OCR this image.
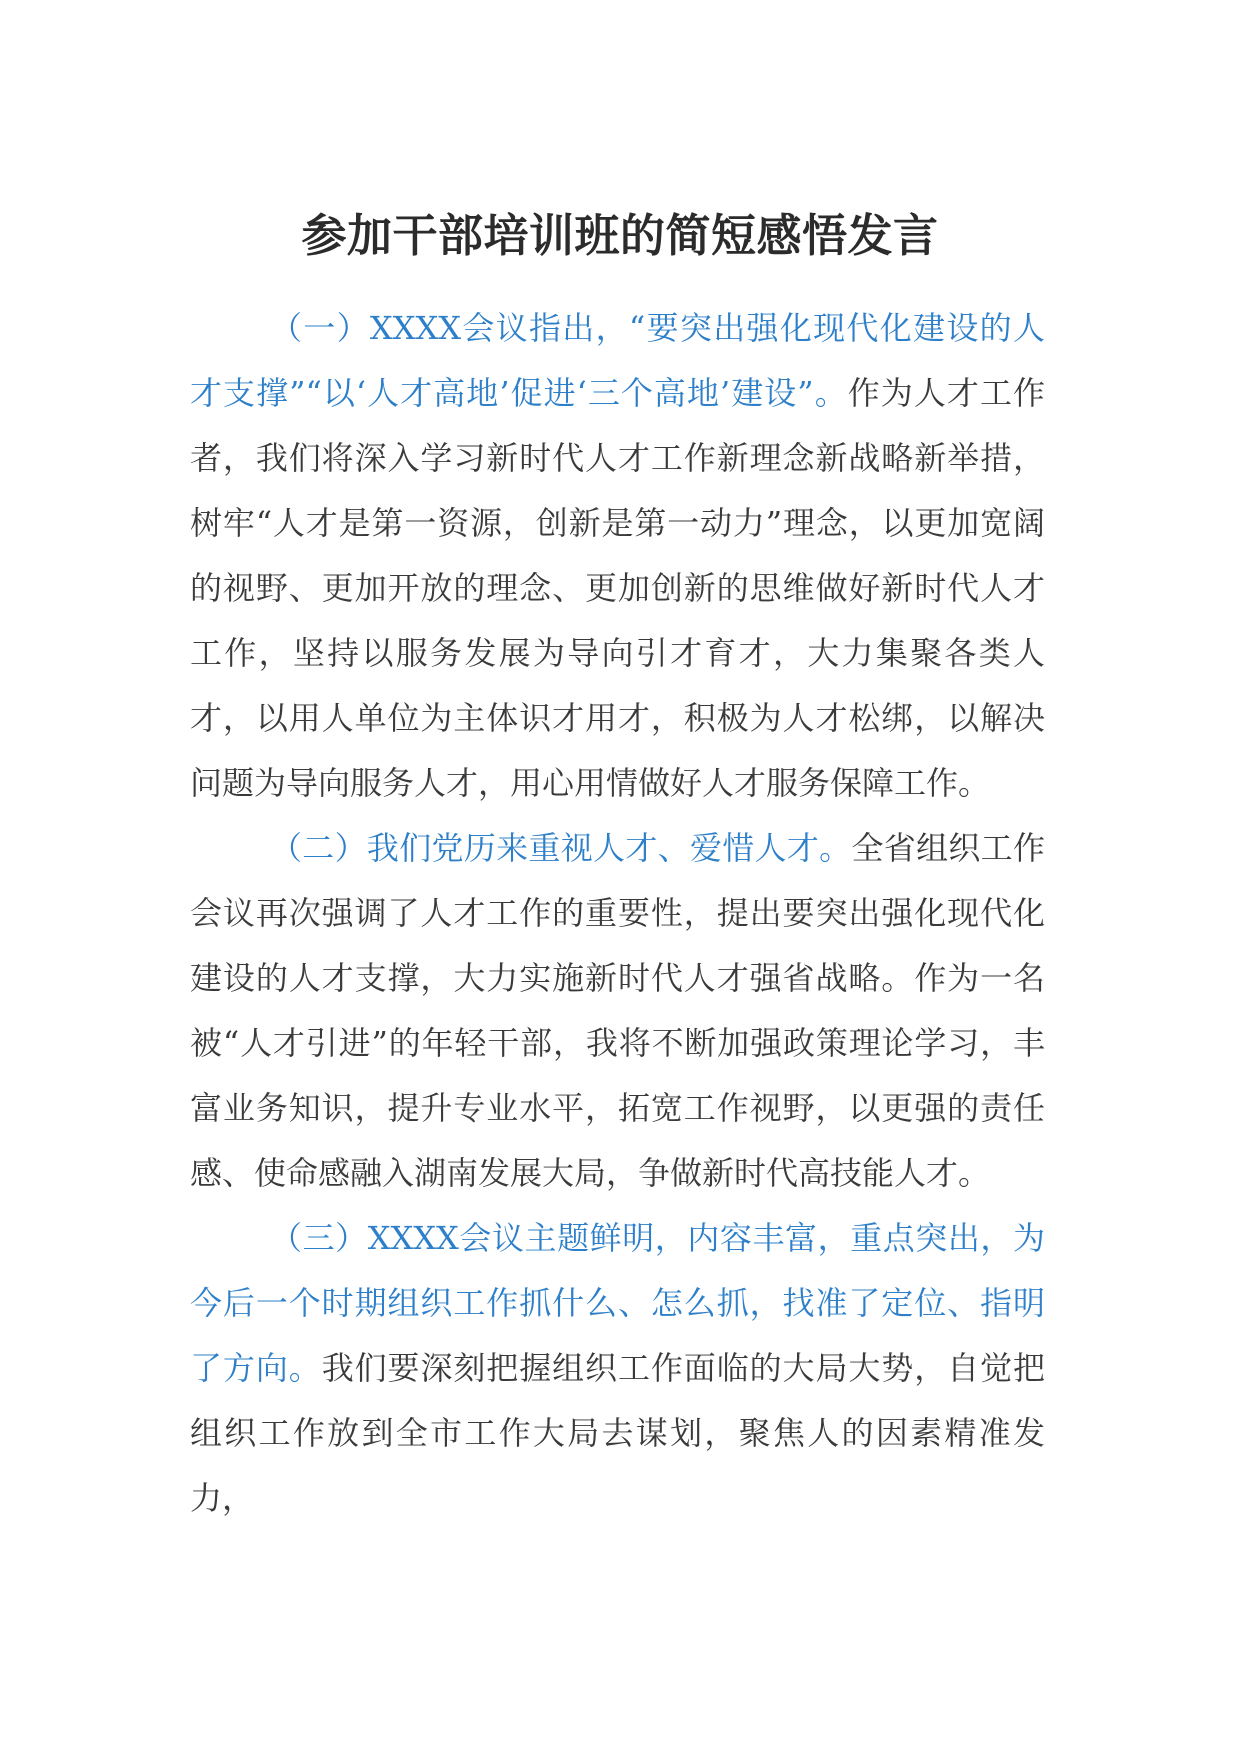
参加干部培训班的简短感悟发言

（一）XXXX会议指出，“要突出强化现代化建设的人才支撑”“以‘人才高地’促进‘三个高地’建设”。作为人才工作者，我们将深入学习新时代人才工作新理念新战略新举措，树牢“人才是第一资源，创新是第一动力”理念，以更加宽阔的视野、更加开放的理念、更加创新的思维做好新时代人才工作，坚持以服务发展为导向引才育才，大力集聚各类人才，以用人单位为主体识才用才，积极为人才松绑，以解决问题为导向服务人才，用心用情做好人才服务保障工作。

（二）我们党历来重视人才、爱惜人才。全省组织工作会议再次强调了人才工作的重要性，提出要突出强化现代化建设的人才支撑，大力实施新时代人才强省战略。作为一名被“人才引进”的年轻干部，我将不断加强政策理论学习，丰富业务知识，提升专业水平，拓宽工作视野，以更强的责任感、使命感融入湖南发展大局，争做新时代高技能人才。

（三）XXXX会议主题鲜明，内容丰富，重点突出，为今后一个时期组织工作抓什么、怎么抓，找准了定位、指明了方向。我们要深刻把握组织工作面临的大局大势，自觉把组织工作放到全市工作大局去谋划，聚焦人的因素精准发力，
